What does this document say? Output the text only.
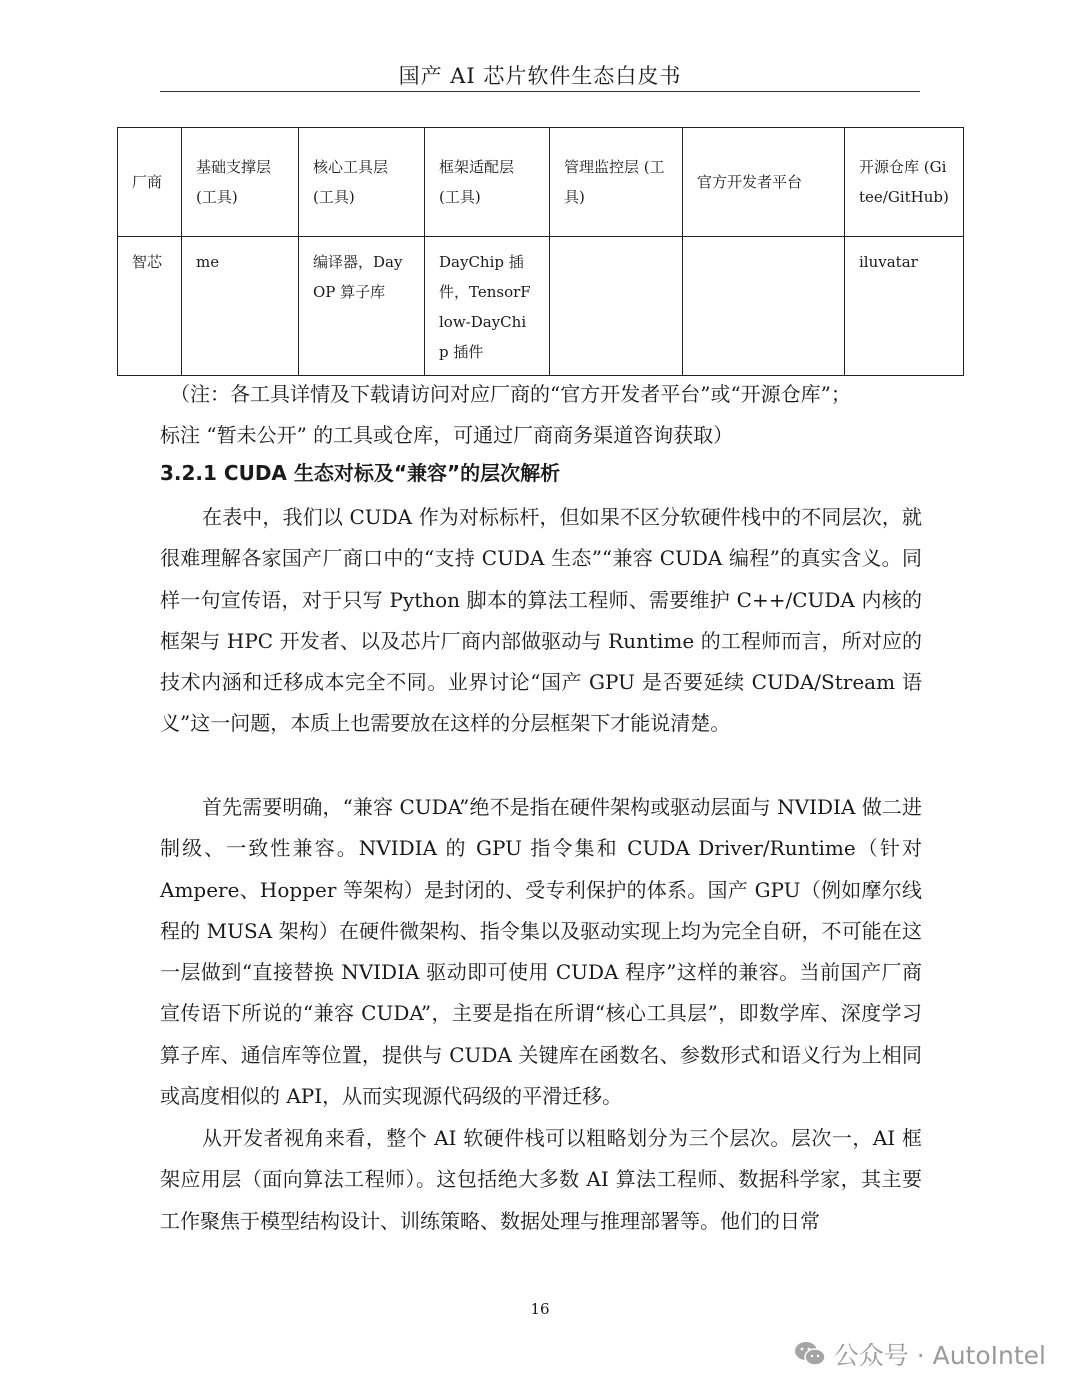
国产 AI 芯片软件生态白皮书
厂商	基础支撑层 (工具)	核心工具层 (工具)	框架适配层 (工具)	管理监控层 (工具)	官方开发者平台	开源仓库 (Gitee/GitHub)
智芯	me	编译器，DayOP 算子库	DayChip 插件，TensorFlow-DayChip 插件			iluvatar
（注：各工具详情及下载请访问对应厂商的“官方开发者平台”或“开源仓库”；
标注 “暂未公开” 的工具或仓库，可通过厂商商务渠道咨询获取）
3.2.1 CUDA 生态对标及“兼容”的层次解析

在表中，我们以 CUDA 作为对标标杆，但如果不区分软硬件栈中的不同层次，就很难理解各家国产厂商口中的“支持 CUDA 生态”“兼容 CUDA 编程”的真实含义。同样一句宣传语，对于只写 Python 脚本的算法工程师、需要维护 C++/CUDA 内核的框架与 HPC 开发者、以及芯片厂商内部做驱动与 Runtime 的工程师而言，所对应的技术内涵和迁移成本完全不同。业界讨论“国产 GPU 是否要延续 CUDA/Stream 语义”这一问题，本质上也需要放在这样的分层框架下才能说清楚。

首先需要明确，“兼容 CUDA”绝不是指在硬件架构或驱动层面与 NVIDIA 做二进制级、一致性兼容。NVIDIA 的 GPU 指令集和 CUDA Driver/Runtime（针对 Ampere、Hopper 等架构）是封闭的、受专利保护的体系。国产 GPU（例如摩尔线程的 MUSA 架构）在硬件微架构、指令集以及驱动实现上均为完全自研，不可能在这一层做到“直接替换 NVIDIA 驱动即可使用 CUDA 程序”这样的兼容。当前国产厂商宣传语下所说的“兼容 CUDA”，主要是指在所谓“核心工具层”，即数学库、深度学习算子库、通信库等位置，提供与 CUDA 关键库在函数名、参数形式和语义行为上相同或高度相似的 API，从而实现源代码级的平滑迁移。

从开发者视角来看，整个 AI 软硬件栈可以粗略划分为三个层次。层次一，AI 框架应用层（面向算法工程师）。这包括绝大多数 AI 算法工程师、数据科学家，其主要工作聚焦于模型结构设计、训练策略、数据处理与推理部署等。他们的日常

16
公众号 · AutoIntel
